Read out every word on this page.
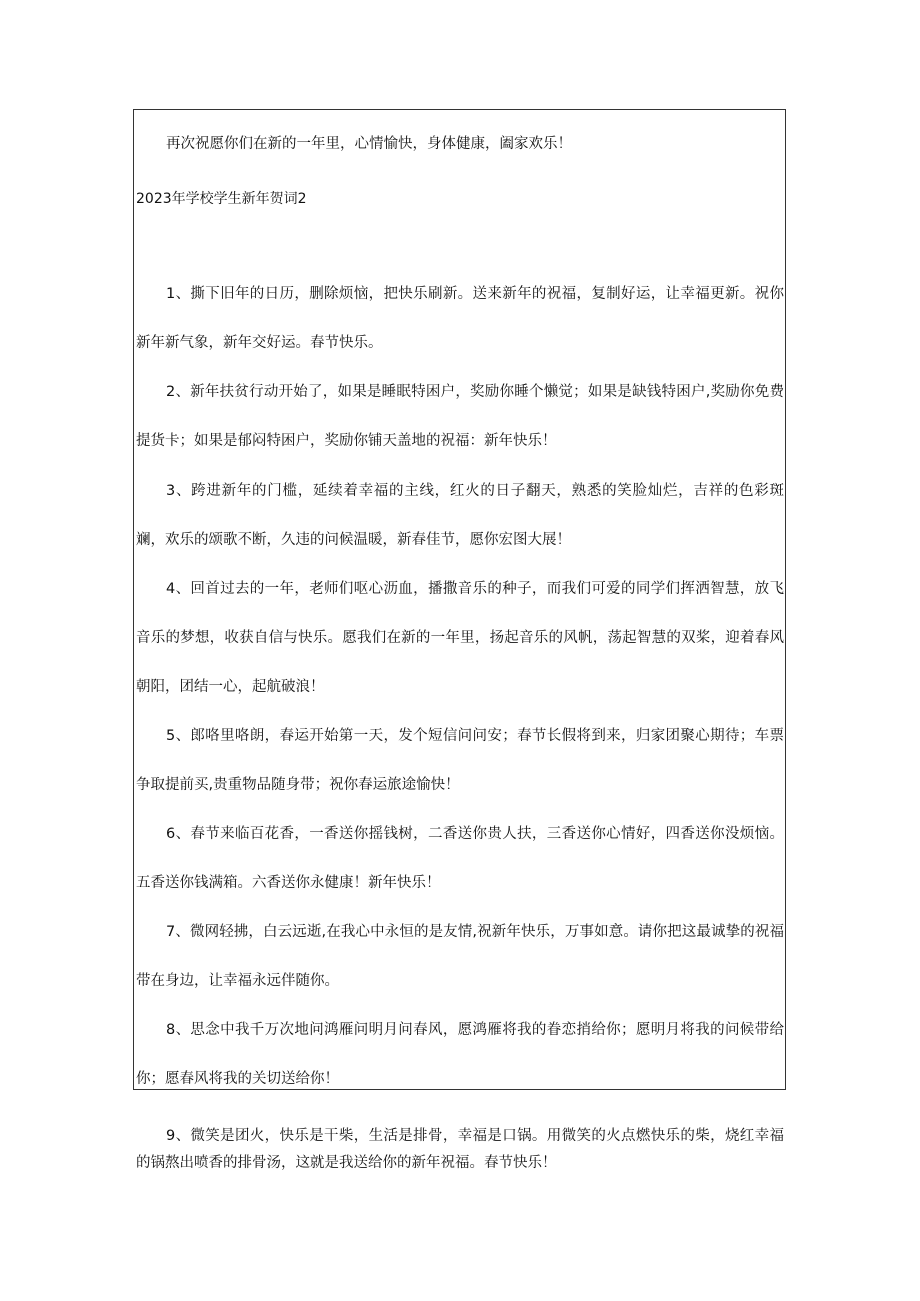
再次祝愿你们在新的一年里，心情愉快，身体健康，阖家欢乐！
2023年学校学生新年贺词2
1、撕下旧年的日历，删除烦恼，把快乐刷新。送来新年的祝福，复制好运，让幸福更新。祝你
新年新气象，新年交好运。春节快乐。
2、新年扶贫行动开始了，如果是睡眠特困户，奖励你睡个懒觉；如果是缺钱特困户,奖励你免费
提货卡；如果是郁闷特困户，奖励你铺天盖地的祝福：新年快乐！
3、跨进新年的门槛，延续着幸福的主线，红火的日子翻天，熟悉的笑脸灿烂，吉祥的色彩斑
斓，欢乐的颂歌不断，久违的问候温暖，新春佳节，愿你宏图大展！
4、回首过去的一年，老师们呕心沥血，播撒音乐的种子，而我们可爱的同学们挥洒智慧，放飞
音乐的梦想，收获自信与快乐。愿我们在新的一年里，扬起音乐的风帆，荡起智慧的双桨，迎着春风
朝阳，团结一心，起航破浪！
5、郎咯里咯朗，春运开始第一天，发个短信问问安；春节长假将到来，归家团聚心期待；车票
争取提前买,贵重物品随身带；祝你春运旅途愉快！
6、春节来临百花香，一香送你摇钱树，二香送你贵人扶，三香送你心情好，四香送你没烦恼。
五香送你钱满箱。六香送你永健康！新年快乐！
7、微网轻拂，白云远逝,在我心中永恒的是友情,祝新年快乐，万事如意。请你把这最诚挚的祝福
带在身边，让幸福永远伴随你。
8、思念中我千万次地问鸿雁问明月问春风，愿鸿雁将我的眷恋捎给你；愿明月将我的问候带给
你；愿春风将我的关切送给你！
9、微笑是团火，快乐是干柴，生活是排骨，幸福是口锅。用微笑的火点燃快乐的柴，烧红幸福
的锅熬出喷香的排骨汤，这就是我送给你的新年祝福。春节快乐！
